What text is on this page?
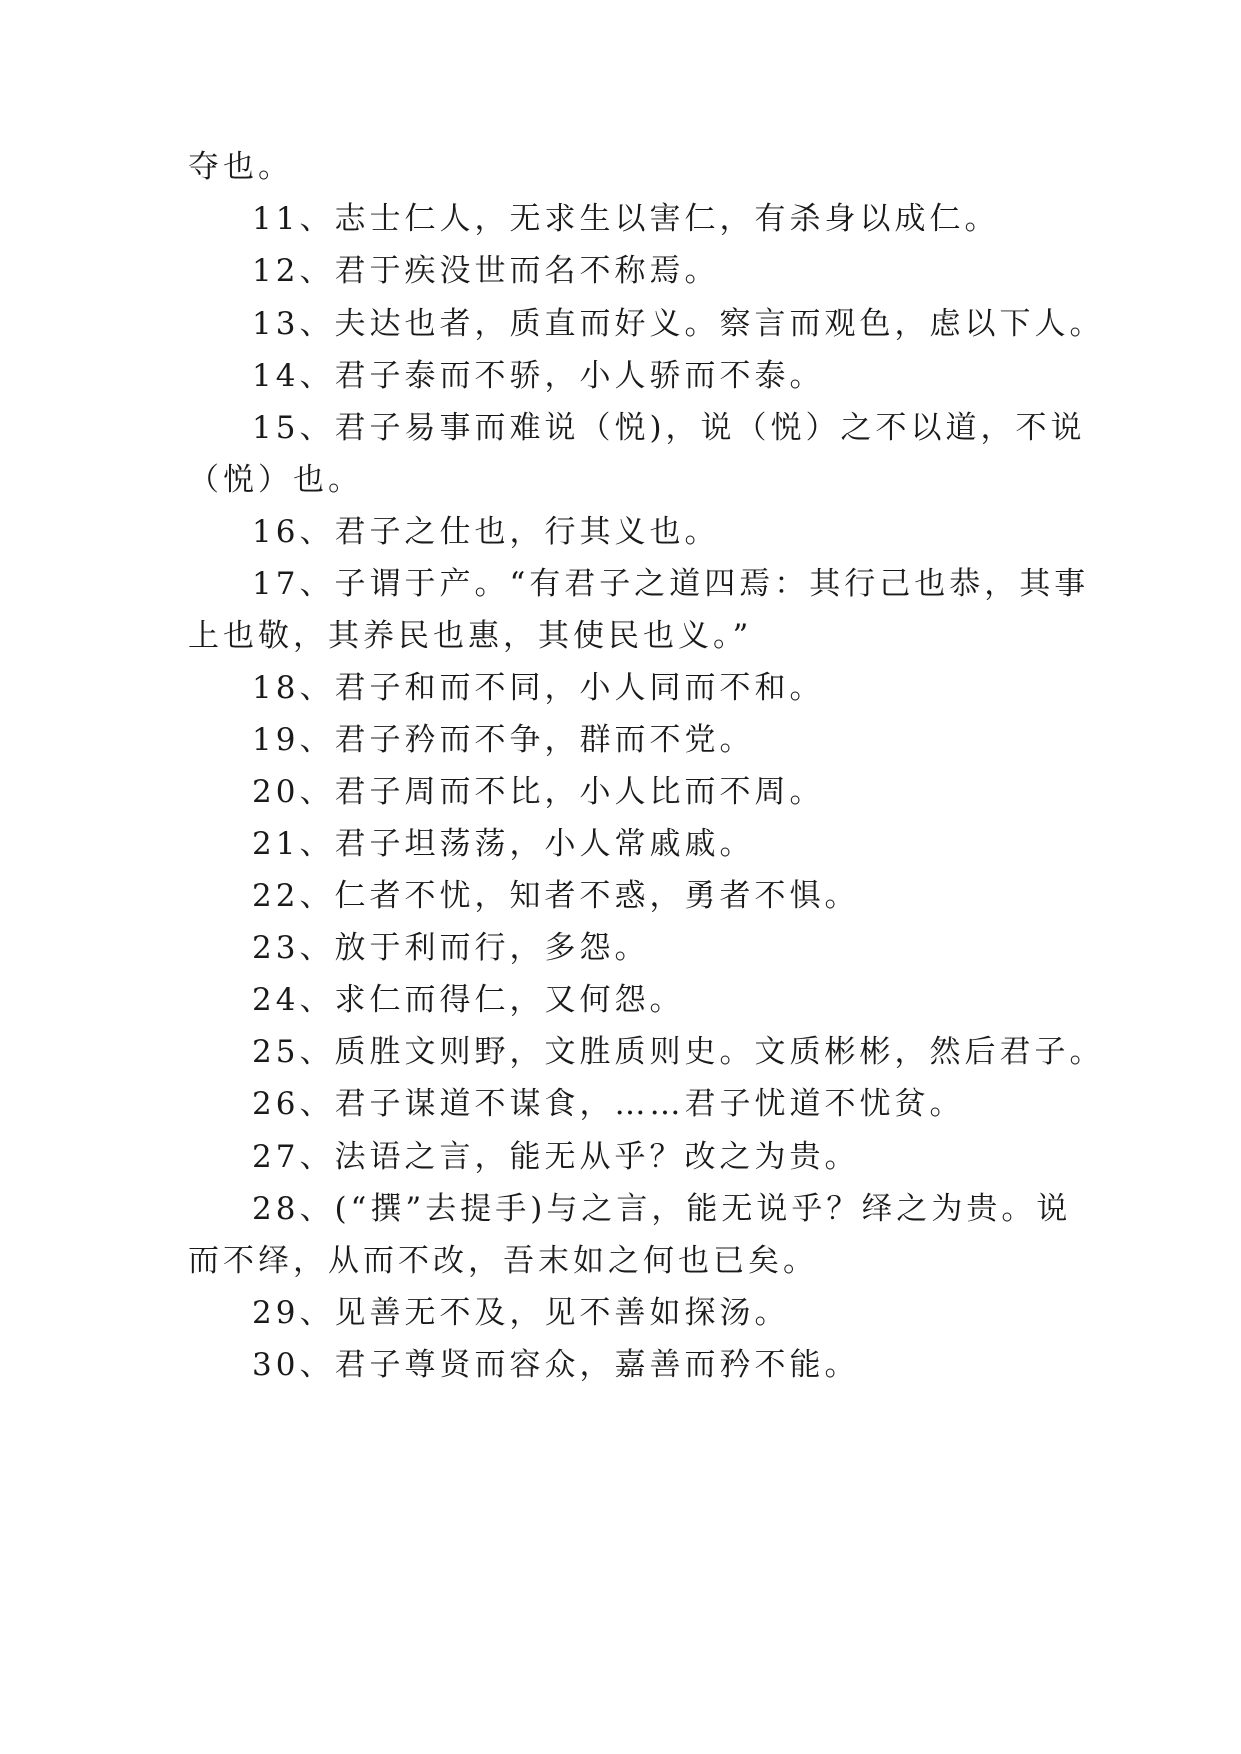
夺也。
11、志士仁人，无求生以害仁，有杀身以成仁。
12、君于疾没世而名不称焉。
13、夫达也者，质直而好义。察言而观色，虑以下人。
14、君子泰而不骄，小人骄而不泰。
15、君子易事而难说（悦)，说（悦）之不以道，不说
（悦）也。
16、君子之仕也，行其义也。
17、子谓于产。“有君子之道四焉：其行己也恭，其事
上也敬，其养民也惠，其使民也义。”
18、君子和而不同，小人同而不和。
19、君子矜而不争，群而不党。
20、君子周而不比，小人比而不周。
21、君子坦荡荡，小人常戚戚。
22、仁者不忧，知者不惑，勇者不惧。
23、放于利而行，多怨。
24、求仁而得仁，又何怨。
25、质胜文则野，文胜质则史。文质彬彬，然后君子。
26、君子谋道不谋食，……君子忧道不忧贫。
27、法语之言，能无从乎？改之为贵。
28、(“撰”去提手)与之言，能无说乎？绎之为贵。说
而不绎，从而不改，吾末如之何也已矣。
29、见善无不及，见不善如探汤。
30、君子尊贤而容众，嘉善而矜不能。
